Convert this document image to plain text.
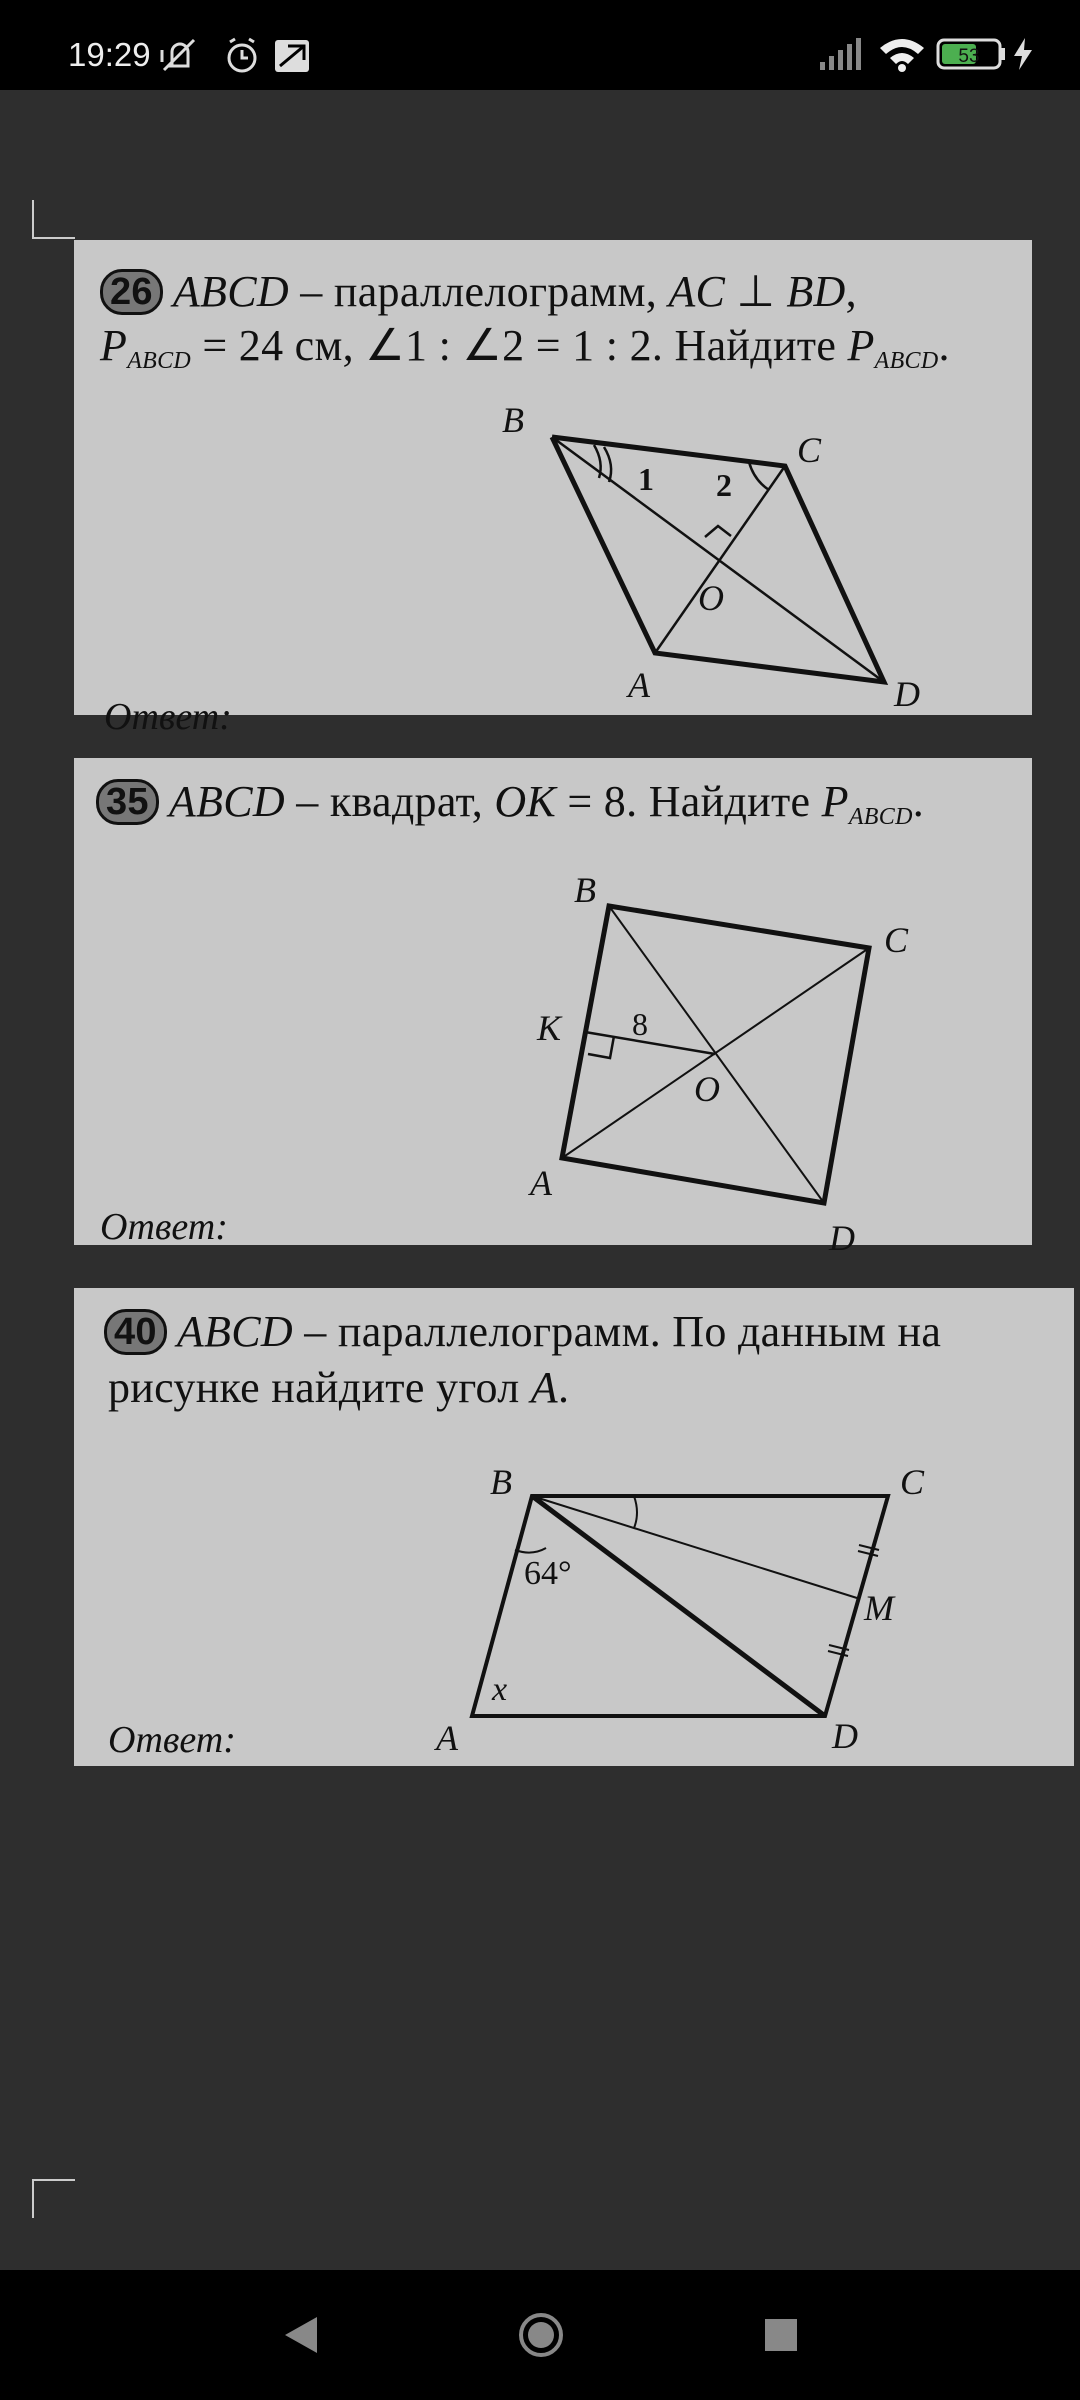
19:29	53
26 ABCD – параллелограмм, AC ⊥ BD,
$P_{ABCD} = 24$ см, ∠1 : ∠2 = 1 : 2. Найдите $P_{ABCD}$.
B
C
A	D
O
1 2
Ответ:
35 ABCD – квадрат, OK = 8. Найдите $P_{ABCD}$.
B
C
A
D
O
K 8
Ответ:
40 ABCD – параллелограмм. По данным на
рисунке найдите угол A.
B	C
A	D
M
64°
x
Ответ:
